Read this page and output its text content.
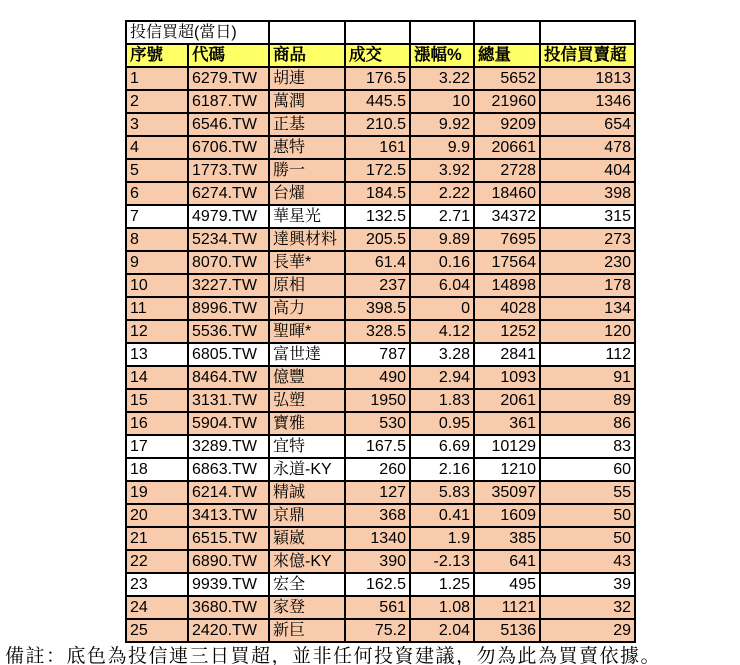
投信買超(當日)						
序號	代碼	商品	成交	漲幅%	總量	投信買賣超
1	6279.TW	胡連	176.5	3.22	5652	1813
2	6187.TW	萬潤	445.5	10	21960	1346
3	6546.TW	正基	210.5	9.92	9209	654
4	6706.TW	惠特	161	9.9	20661	478
5	1773.TW	勝一	172.5	3.92	2728	404
6	6274.TW	台燿	184.5	2.22	18460	398
7	4979.TW	華星光	132.5	2.71	34372	315
8	5234.TW	達興材料	205.5	9.89	7695	273
9	8070.TW	長華*	61.4	0.16	17564	230
10	3227.TW	原相	237	6.04	14898	178
11	8996.TW	高力	398.5	0	4028	134
12	5536.TW	聖暉*	328.5	4.12	1252	120
13	6805.TW	富世達	787	3.28	2841	112
14	8464.TW	億豐	490	2.94	1093	91
15	3131.TW	弘塑	1950	1.83	2061	89
16	5904.TW	寶雅	530	0.95	361	86
17	3289.TW	宜特	167.5	6.69	10129	83
18	6863.TW	永道-KY	260	2.16	1210	60
19	6214.TW	精誠	127	5.83	35097	55
20	3413.TW	京鼎	368	0.41	1609	50
21	6515.TW	穎崴	1340	1.9	385	50
22	6890.TW	來億-KY	390	-2.13	641	43
23	9939.TW	宏全	162.5	1.25	495	39
24	3680.TW	家登	561	1.08	1121	32
25	2420.TW	新巨	75.2	2.04	5136	29
備註：底色為投信連三日買超，並非任何投資建議，勿為此為買賣依據。
